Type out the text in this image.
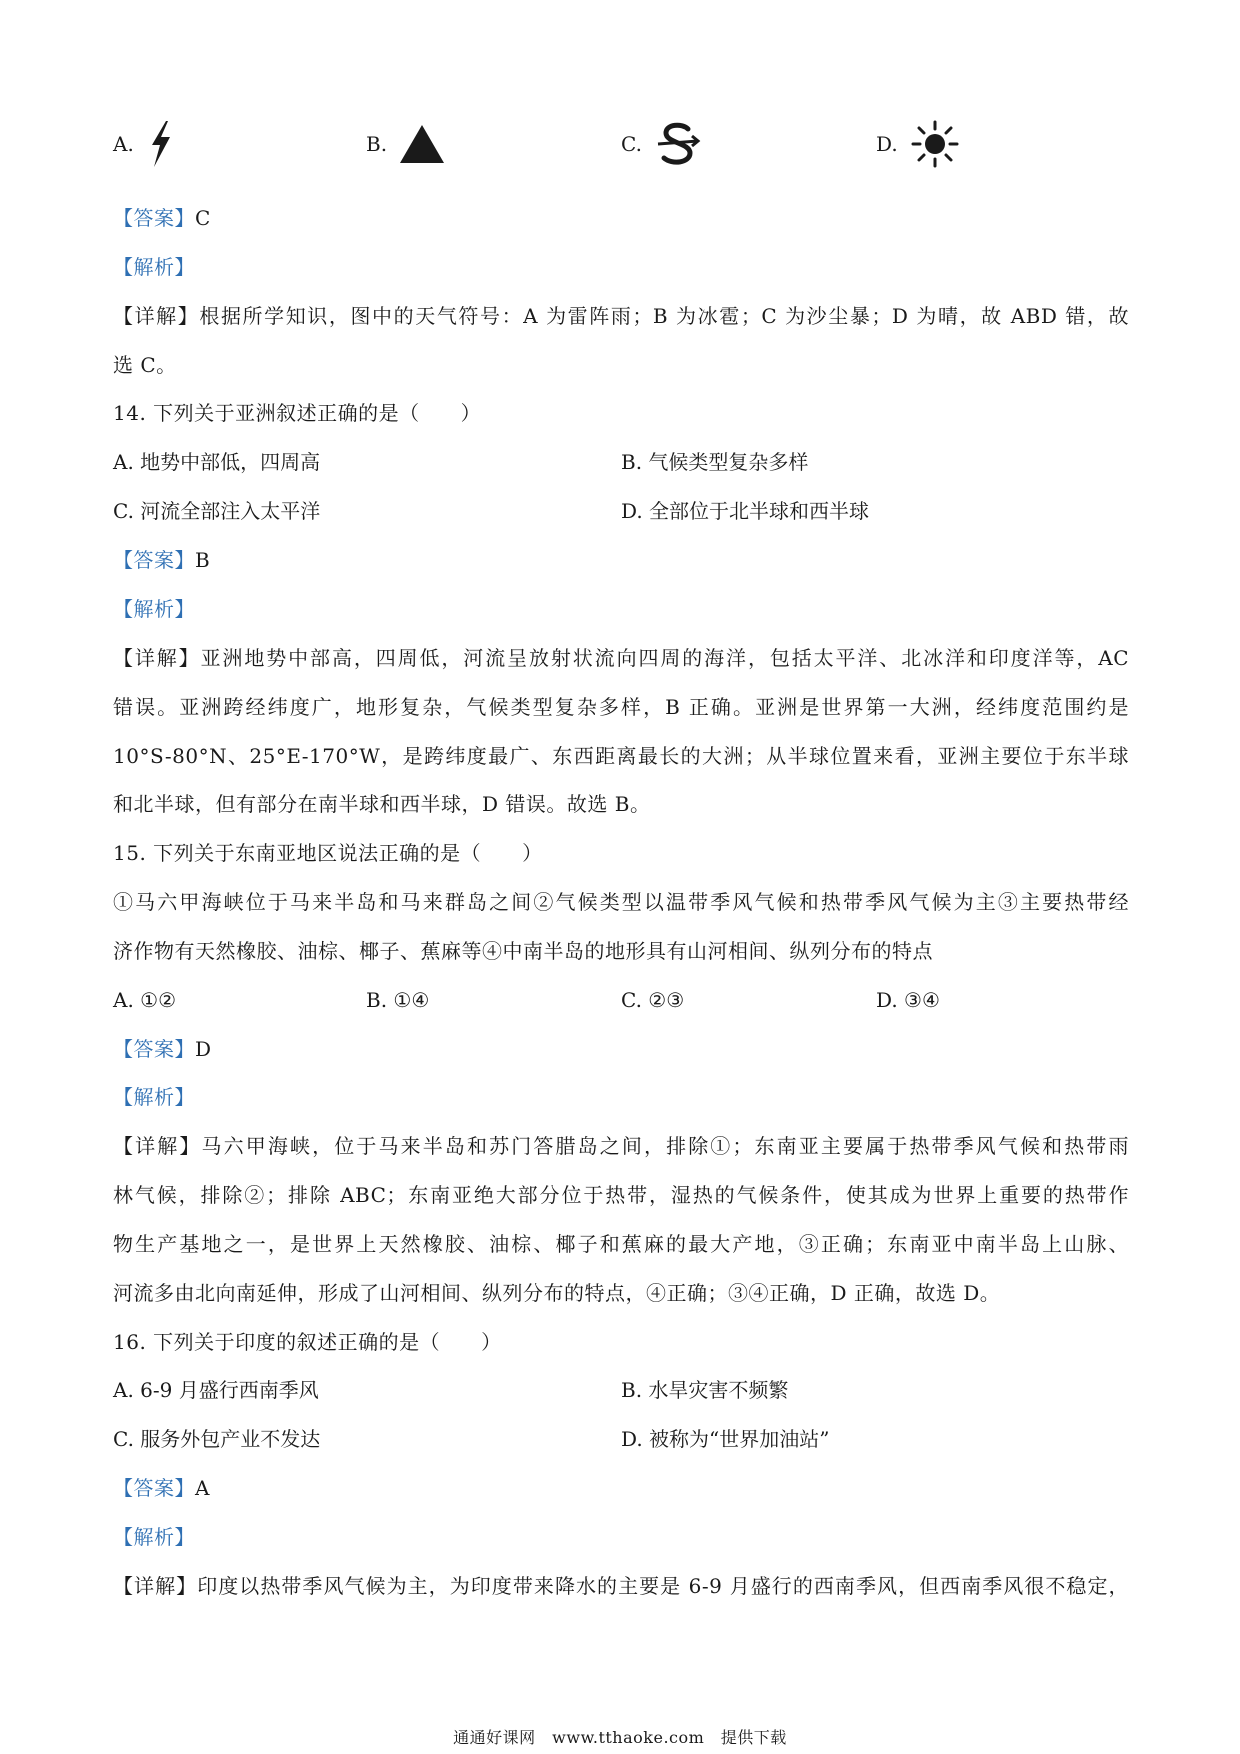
A.	B.	C.	D.
【答案】C
【解析】
【详解】根据所学知识，图中的天气符号：A 为雷阵雨；B 为冰雹；C 为沙尘暴；D 为晴，故 ABD 错，故
选 C。
14. 下列关于亚洲叙述正确的是（　　）
A. 地势中部低，四周高	B. 气候类型复杂多样
C. 河流全部注入太平洋	D. 全部位于北半球和西半球
【答案】B
【解析】
【详解】亚洲地势中部高，四周低，河流呈放射状流向四周的海洋，包括太平洋、北冰洋和印度洋等，AC
错误。亚洲跨经纬度广，地形复杂，气候类型复杂多样，B 正确。亚洲是世界第一大洲，经纬度范围约是
10°S-80°N、25°E-170°W，是跨纬度最广、东西距离最长的大洲；从半球位置来看，亚洲主要位于东半球
和北半球，但有部分在南半球和西半球，D 错误。故选 B。
15. 下列关于东南亚地区说法正确的是（　　）
①马六甲海峡位于马来半岛和马来群岛之间②气候类型以温带季风气候和热带季风气候为主③主要热带经
济作物有天然橡胶、油棕、椰子、蕉麻等④中南半岛的地形具有山河相间、纵列分布的特点
A. ①②	B. ①④	C. ②③	D. ③④
【答案】D
【解析】
【详解】马六甲海峡，位于马来半岛和苏门答腊岛之间，排除①；东南亚主要属于热带季风气候和热带雨
林气候，排除②；排除 ABC；东南亚绝大部分位于热带，湿热的气候条件，使其成为世界上重要的热带作
物生产基地之一，是世界上天然橡胶、油棕、椰子和蕉麻的最大产地，③正确；东南亚中南半岛上山脉、
河流多由北向南延伸，形成了山河相间、纵列分布的特点，④正确；③④正确，D 正确，故选 D。
16. 下列关于印度的叙述正确的是（　　）
A. 6-9 月盛行西南季风	B. 水旱灾害不频繁
C. 服务外包产业不发达	D. 被称为“世界加油站”
【答案】A
【解析】
【详解】印度以热带季风气候为主，为印度带来降水的主要是 6-9 月盛行的西南季风，但西南季风很不稳定，
通通好课网　www.tthaoke.com　提供下载
